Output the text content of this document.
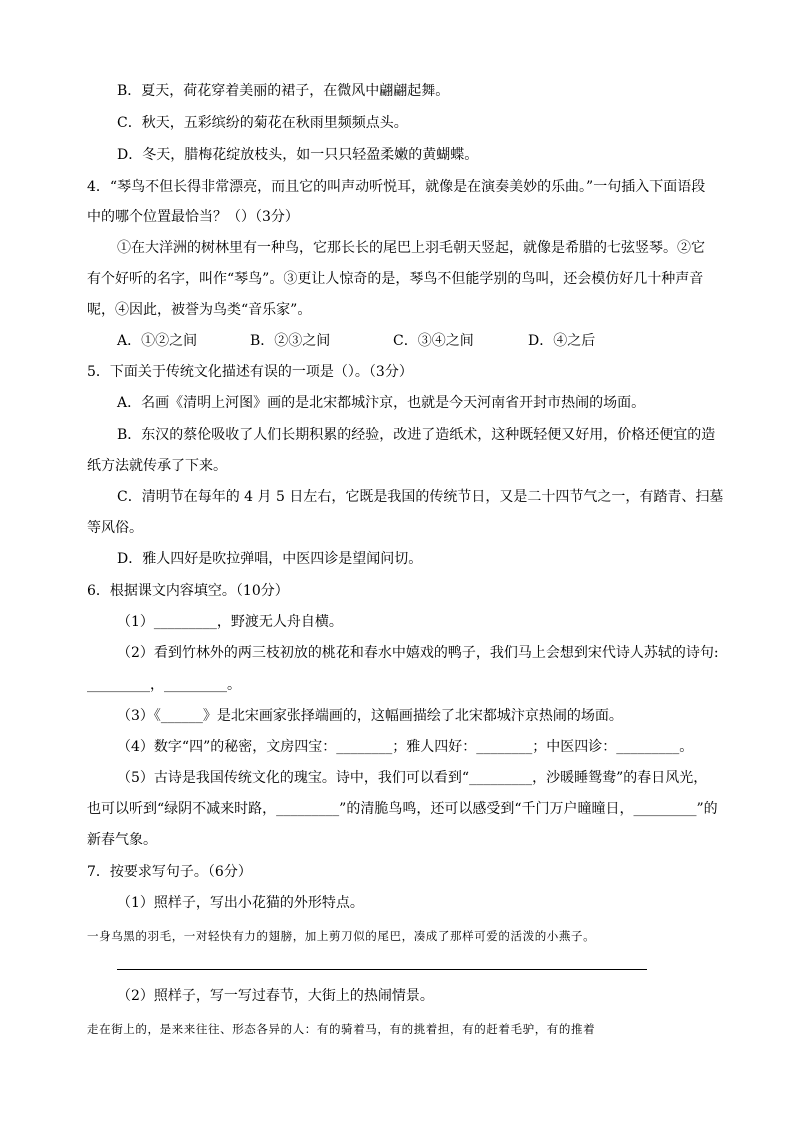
B．夏天，荷花穿着美丽的裙子，在微风中翩翩起舞。
C．秋天，五彩缤纷的菊花在秋雨里频频点头。
D．冬天，腊梅花绽放枝头，如一只只轻盈柔嫩的黄蝴蝶。
4．“琴鸟不但长得非常漂亮，而且它的叫声动听悦耳，就像是在演奏美妙的乐曲。”一句插入下面语段
中的哪个位置最恰当？（）（3分）
①在大洋洲的树林里有一种鸟，它那长长的尾巴上羽毛朝天竖起，就像是希腊的七弦竖琴。②它
有个好听的名字，叫作“琴鸟”。③更让人惊奇的是，琴鸟不但能学别的鸟叫，还会模仿好几十种声音
呢，④因此，被誉为鸟类“音乐家”。
A．①②之间	B．②③之间	C．③④之间	D．④之后
5．下面关于传统文化描述有误的一项是（）。（3分）
A．名画《清明上河图》画的是北宋都城汴京，也就是今天河南省开封市热闹的场面。
B．东汉的蔡伦吸收了人们长期积累的经验，改进了造纸术，这种既轻便又好用，价格还便宜的造
纸方法就传承了下来。
C．清明节在每年的 4 月 5 日左右，它既是我国的传统节日，又是二十四节气之一，有踏青、扫墓
等风俗。
D．雅人四好是吹拉弹唱，中医四诊是望闻问切。
6．根据课文内容填空。（10分）
（1）_________，野渡无人舟自横。
（2）看到竹林外的两三枝初放的桃花和春水中嬉戏的鸭子，我们马上会想到宋代诗人苏轼的诗句:
_________，_________。
（3）《______》是北宋画家张择端画的，这幅画描绘了北宋都城汴京热闹的场面。
（4）数字“四”的秘密，文房四宝：________；雅人四好：________；中医四诊：_________。
（5）古诗是我国传统文化的瑰宝。诗中，我们可以看到“_________，沙暖睡鸳鸯”的春日风光，
也可以听到“绿阴不减来时路，_________”的清脆鸟鸣，还可以感受到“千门万户曈曈日，_________”的
新春气象。
7．按要求写句子。（6分）
（1）照样子，写出小花猫的外形特点。
一身乌黑的羽毛，一对轻快有力的翅膀，加上剪刀似的尾巴，凑成了那样可爱的活泼的小燕子。
（2）照样子，写一写过春节，大街上的热闹情景。
走在街上的，是来来往往、形态各异的人：有的骑着马，有的挑着担，有的赶着毛驴，有的推着
